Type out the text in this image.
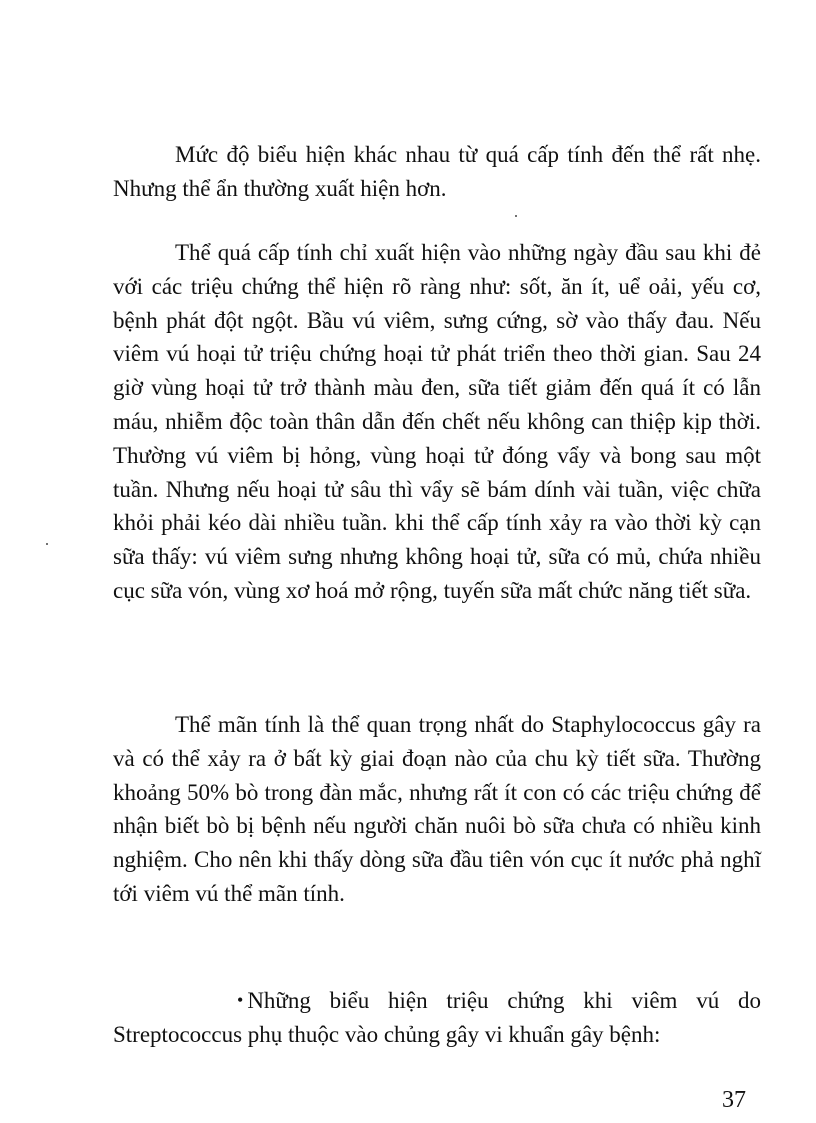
Mức độ biểu hiện khác nhau từ quá cấp tính đến thể rất nhẹ. Nhưng thể ẩn thường xuất hiện hơn.

Thể quá cấp tính chỉ xuất hiện vào những ngày đầu sau khi đẻ với các triệu chứng thể hiện rõ ràng như: sốt, ăn ít, uể oải, yếu cơ, bệnh phát đột ngột. Bầu vú viêm, sưng cứng, sờ vào thấy đau. Nếu viêm vú hoại tử triệu chứng hoại tử phát triển theo thời gian. Sau 24 giờ vùng hoại tử trở thành màu đen, sữa tiết giảm đến quá ít có lẫn máu, nhiễm độc toàn thân dẫn đến chết nếu không can thiệp kịp thời. Thường vú viêm bị hỏng, vùng hoại tử đóng vẩy và bong sau một tuần. Nhưng nếu hoại tử sâu thì vẩy sẽ bám dính vài tuần, việc chữa khỏi phải kéo dài nhiều tuần. khi thể cấp tính xảy ra vào thời kỳ cạn sữa thấy: vú viêm sưng nhưng không hoại tử, sữa có mủ, chứa nhiều cục sữa vón, vùng xơ hoá mở rộng, tuyến sữa mất chức năng tiết sữa.

Thể mãn tính là thể quan trọng nhất do Staphylococcus gây ra và có thể xảy ra ở bất kỳ giai đoạn nào của chu kỳ tiết sữa. Thường khoảng 50% bò trong đàn mắc, nhưng rất ít con có các triệu chứng để nhận biết bò bị bệnh nếu người chăn nuôi bò sữa chưa có nhiều kinh nghiệm. Cho nên khi thấy dòng sữa đầu tiên vón cục ít nước phả nghĩ tới viêm vú thể mãn tính.

• Những biểu hiện triệu chứng khi viêm vú do Streptococcus phụ thuộc vào chủng gây vi khuẩn gây bệnh:

37
